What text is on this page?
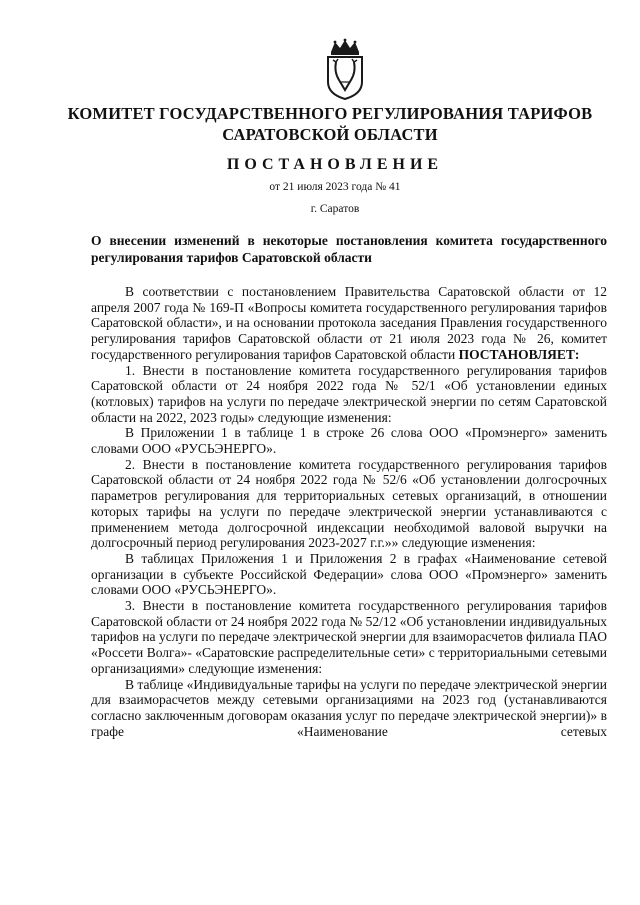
КОМИТЕТ ГОСУДАРСТВЕННОГО РЕГУЛИРОВАНИЯ ТАРИФОВ
САРАТОВСКОЙ ОБЛАСТИ
ПОСТАНОВЛЕНИЕ
от 21 июля 2023 года № 41
г. Саратов
О внесении изменений в некоторые постановления комитета государственного регулирования тарифов Саратовской области

В соответствии с постановлением Правительства Саратовской области от 12 апреля 2007 года № 169-П «Вопросы комитета государственного регулирования тарифов Саратовской области», и на основании протокола заседания Правления государственного регулирования тарифов Саратовской области от 21 июля 2023 года № 26, комитет государственного регулирования тарифов Саратовской области ПОСТАНОВЛЯЕТ:

1. Внести в постановление комитета государственного регулирования тарифов Саратовской области от 24 ноября 2022 года № 52/1 «Об установлении единых (котловых) тарифов на услуги по передаче электрической энергии по сетям Саратовской области на 2022, 2023 годы» следующие изменения:

В Приложении 1 в таблице 1 в строке 26 слова ООО «Промэнерго» заменить словами ООО «РУСЬЭНЕРГО».

2. Внести в постановление комитета государственного регулирования тарифов Саратовской области от 24 ноября 2022 года № 52/6 «Об установлении долгосрочных параметров регулирования для территориальных сетевых организаций, в отношении которых тарифы на услуги по передаче электрической энергии устанавливаются с применением метода долгосрочной индексации необходимой валовой выручки на долгосрочный период регулирования 2023-2027 г.г.»» следующие изменения:

В таблицах Приложения 1 и Приложения 2 в графах «Наименование сетевой организации в субъекте Российской Федерации» слова ООО «Промэнерго» заменить словами ООО «РУСЬЭНЕРГО».

3. Внести в постановление комитета государственного регулирования тарифов Саратовской области от 24 ноября 2022 года № 52/12 «Об установлении индивидуальных тарифов на услуги по передаче электрической энергии для взаиморасчетов филиала ПАО «Россети Волга»- «Саратовские распределительные сети» с территориальными сетевыми организациями» следующие изменения:

В таблице «Индивидуальные тарифы на услуги по передаче электрической энергии для взаиморасчетов между сетевыми организациями на 2023 год (устанавливаются согласно заключенным договорам оказания услуг по передаче электрической энергии)» в графе «Наименование сетевых
